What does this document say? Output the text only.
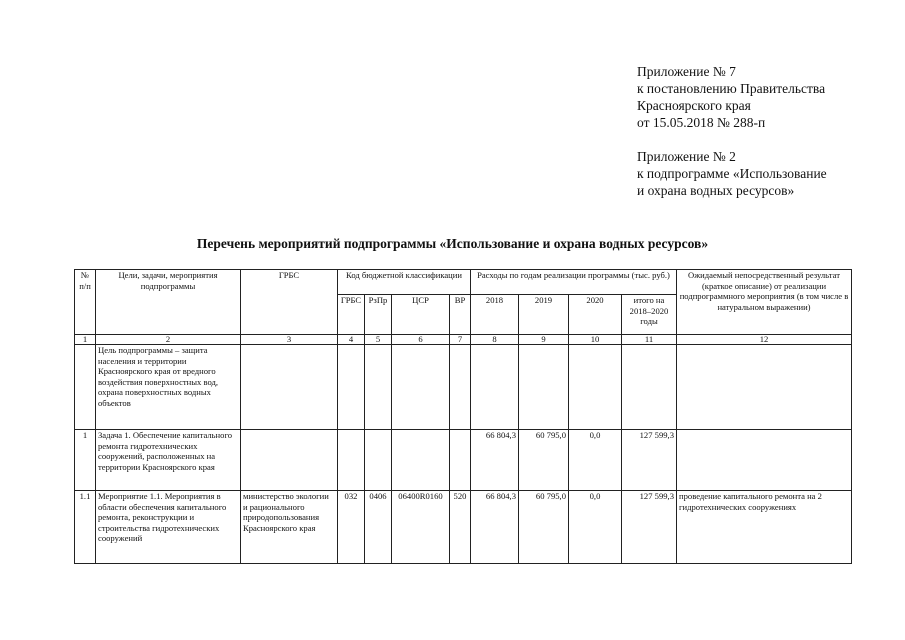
Приложение № 7
к постановлению Правительства
Красноярского края
от 15.05.2018 № 288-п
Приложение № 2
к подпрограмме «Использование
и охрана водных ресурсов»
Перечень мероприятий подпрограммы «Использование и охрана водных ресурсов»
№ п/п	Цели, задачи, мероприятия подпрограммы	ГРБС	Код бюджетной классификации				Расходы по годам реализации программы (тыс. руб.)				Ожидаемый непосредственный результат (краткое описание) от реализации подпрограммного мероприятия (в том числе в натуральном выражении)
			ГРБС	РзПр	ЦСР	ВР	2018	2019	2020	итого на 2018–2020 годы	
1	2	3	4	5	6	7	8	9	10	11	12
	Цель подпрограммы – защита населения и территории Красноярского края от вредного воздействия поверхностных вод, охрана поверхностных водных объектов										
1	Задача 1. Обеспечение капитального ремонта гидротехнических сооружений, расположенных на территории Красноярского края						66 804,3	60 795,0	0,0	127 599,3	
1.1	Мероприятие 1.1. Мероприятия в области обеспечения капитального ремонта, реконструкции и строительства гидротехнических сооружений	министерство экологии и рационального природопользования Красноярского края	032	0406	06400R0160	520	66 804,3	60 795,0	0,0	127 599,3	проведение капитального ремонта на 2 гидротехнических сооружениях
